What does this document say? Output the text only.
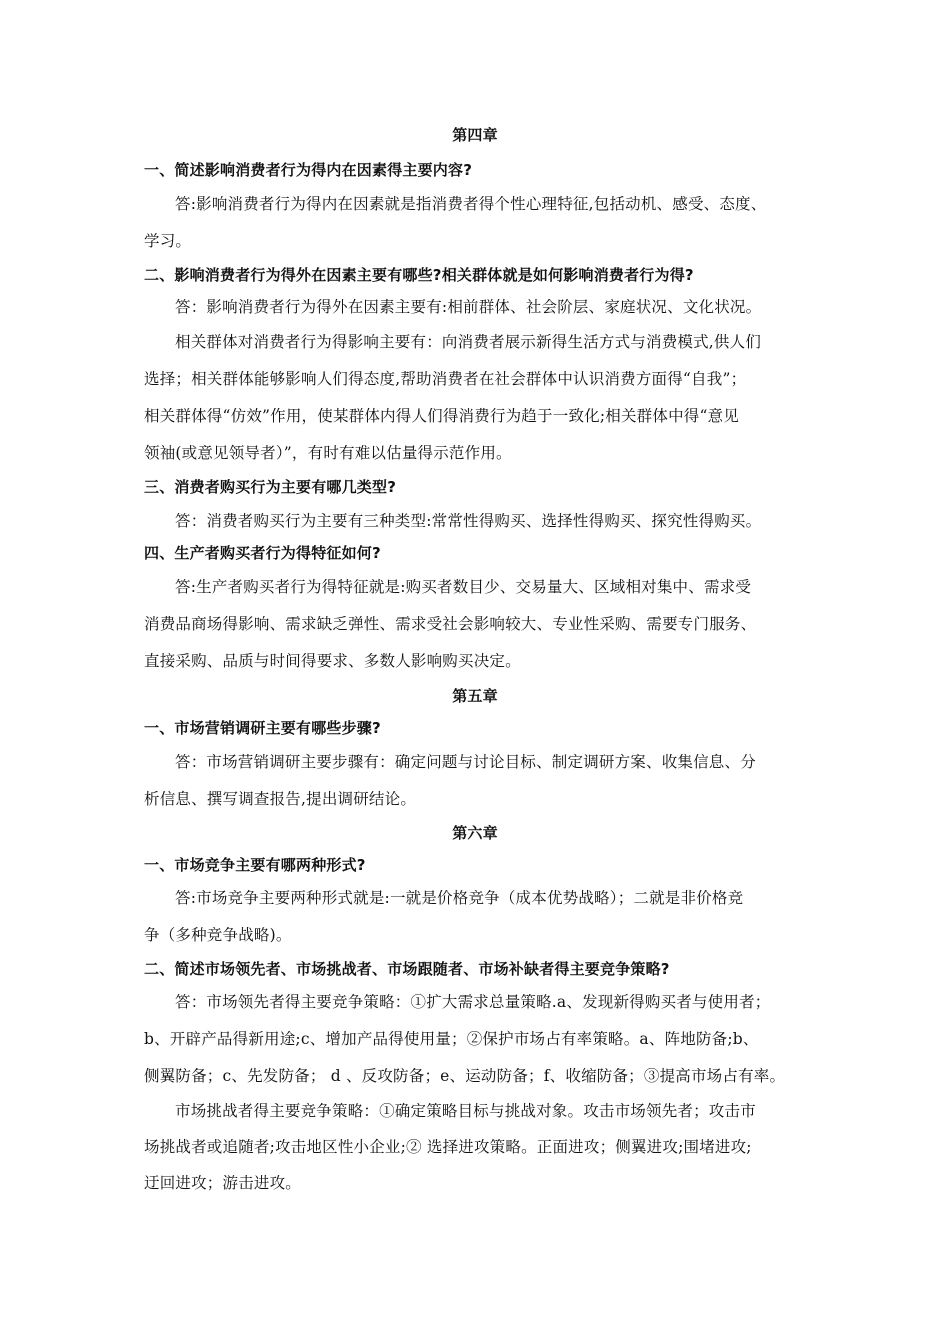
第四章
一、简述影响消费者行为得内在因素得主要内容?
答:影响消费者行为得内在因素就是指消费者得个性心理特征,包括动机、感受、态度、
学习。
二、影响消费者行为得外在因素主要有哪些?相关群体就是如何影响消费者行为得?
答：影响消费者行为得外在因素主要有:相前群体、社会阶层、家庭状况、文化状况。
相关群体对消费者行为得影响主要有：向消费者展示新得生活方式与消费模式,供人们
选择；相关群体能够影响人们得态度,帮助消费者在社会群体中认识消费方面得“自我”；
相关群体得“仿效”作用，使某群体内得人们得消费行为趋于一致化;相关群体中得“意见
领袖(或意见领导者）”，有时有难以估量得示范作用。
三、消费者购买行为主要有哪几类型?
答：消费者购买行为主要有三种类型:常常性得购买、选择性得购买、探究性得购买。
四、生产者购买者行为得特征如何?
答:生产者购买者行为得特征就是:购买者数目少、交易量大、区域相对集中、需求受
消费品商场得影响、需求缺乏弹性、需求受社会影响较大、专业性采购、需要专门服务、
直接采购、品质与时间得要求、多数人影响购买决定。
第五章
一、市场营销调研主要有哪些步骤?
答：市场营销调研主要步骤有：确定问题与讨论目标、制定调研方案、收集信息、分
析信息、撰写调查报告,提出调研结论。
第六章
一、市场竞争主要有哪两种形式?
答:市场竞争主要两种形式就是:一就是价格竞争（成本优势战略）；二就是非价格竞
争（多种竞争战略)。
二、简述市场领先者、市场挑战者、市场跟随者、市场补缺者得主要竞争策略?
答：市场领先者得主要竞争策略：①扩大需求总量策略.a、发现新得购买者与使用者；
b、开辟产品得新用途;c、增加产品得使用量；②保护市场占有率策略。a、阵地防备;b、
侧翼防备；c、先发防备； d 、反攻防备；e、运动防备；f、收缩防备；③提高市场占有率。
市场挑战者得主要竞争策略：①确定策略目标与挑战对象。攻击市场领先者；攻击市
场挑战者或追随者;攻击地区性小企业;② 选择进攻策略。正面进攻；侧翼进攻;围堵进攻;
迂回进攻；游击进攻。
